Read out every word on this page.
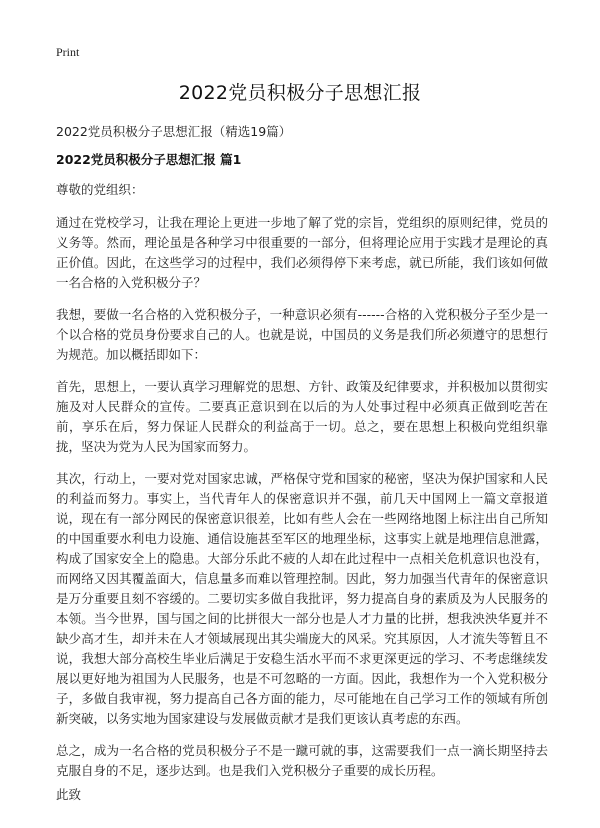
Print
2022党员积极分子思想汇报
2022党员积极分子思想汇报（精选19篇）
2022党员积极分子思想汇报 篇1
尊敬的党组织：

通过在党校学习，让我在理论上更进一步地了解了党的宗旨，党组织的原则纪律，党员的义务等。然而，理论虽是各种学习中很重要的一部分，但将理论应用于实践才是理论的真正价值。因此，在这些学习的过程中，我们必须得停下来考虑，就已所能，我们该如何做一名合格的入党积极分子？

我想，要做一名合格的入党积极分子，一种意识必须有------合格的入党积极分子至少是一个以合格的党员身份要求自己的人。也就是说，中国员的义务是我们所必须遵守的思想行为规范。加以概括即如下：

首先，思想上，一要认真学习理解党的思想、方针、政策及纪律要求，并积极加以贯彻实施及对人民群众的宣传。二要真正意识到在以后的为人处事过程中必须真正做到吃苦在前，享乐在后，努力保证人民群众的利益高于一切。总之，要在思想上积极向党组织靠拢，坚决为党为人民为国家而努力。

其次，行动上，一要对党对国家忠诚，严格保守党和国家的秘密，坚决为保护国家和人民的利益而努力。事实上，当代青年人的保密意识并不强，前几天中国网上一篇文章报道说，现在有一部分网民的保密意识很差，比如有些人会在一些网络地图上标注出自己所知的中国重要水利电力设施、通信设施甚至军区的地理坐标，这事实上就是地理信息泄露，构成了国家安全上的隐患。大部分乐此不疲的人却在此过程中一点相关危机意识也没有，而网络又因其覆盖面大，信息量多而难以管理控制。因此，努力加强当代青年的保密意识是万分重要且刻不容缓的。二要切实多做自我批评，努力提高自身的素质及为人民服务的本领。当今世界，国与国之间的比拼很大一部分也是人才力量的比拼，想我泱泱华夏并不缺少高才生，却并未在人才领域展现出其尖端庞大的风采。究其原因，人才流失等暂且不说，我想大部分高校生毕业后满足于安稳生活水平而不求更深更远的学习、不考虑继续发展以更好地为祖国为人民服务，也是不可忽略的一方面。因此，我想作为一个入党积极分子，多做自我审视，努力提高自己各方面的能力，尽可能地在自己学习工作的领域有所创新突破，以务实地为国家建设与发展做贡献才是我们更该认真考虑的东西。

总之，成为一名合格的党员积极分子不是一蹴可就的事，这需要我们一点一滴长期坚持去克服自身的不足，逐步达到。也是我们入党积极分子重要的成长历程。

此致
